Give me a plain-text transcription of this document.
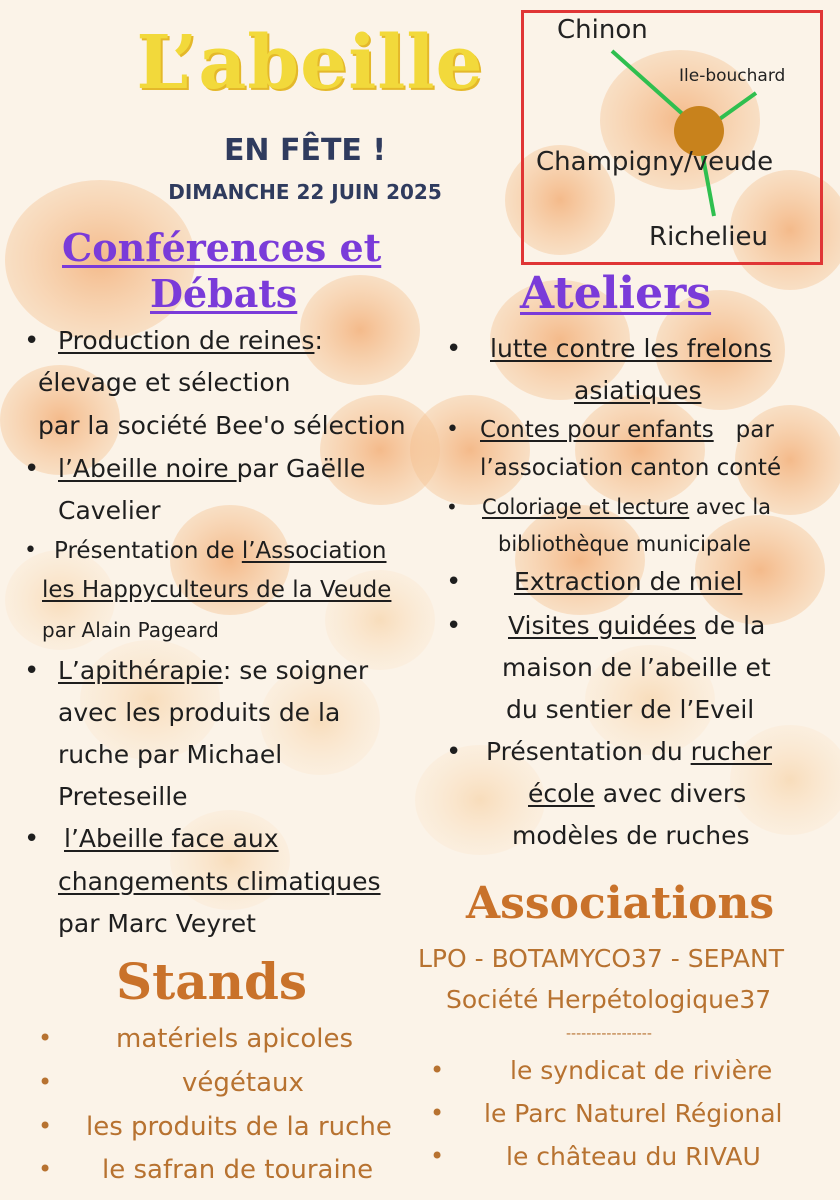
L’abeille
EN FÊTE !
DIMANCHE 22 JUIN 2025
Chinon
Ile-bouchard
Champigny/veude
Richelieu
Conférences et
Débats	Ateliers
• Production de reines:
élevage et sélection
par la société Bee'o sélection
• l’Abeille noire par Gaëlle
Cavelier
• Présentation de l’Association
les Happyculteurs de la Veude
par Alain Pageard
• L’apithérapie: se soigner
avec les produits de la
ruche par Michael
Preteseille
• l’Abeille face aux
changements climatiques
par Marc Veyret
• lutte contre les frelons
asiatiques
• Contes pour enfants   par
l’association canton conté
• Coloriage et lecture avec la
bibliothèque municipale
• Extraction de miel
• Visites guidées de la
maison de l’abeille et
du sentier de l’Eveil
• Présentation du rucher
école avec divers
modèles de ruches
Associations
LPO - BOTAMYCO37 - SEPANT
Société Herpétologique37
-----------------
•	le syndicat de rivière
• le Parc Naturel Régional
• le château du RIVAU
Stands
• matériels apicoles
•	végétaux
• les produits de la ruche
• le safran de touraine
